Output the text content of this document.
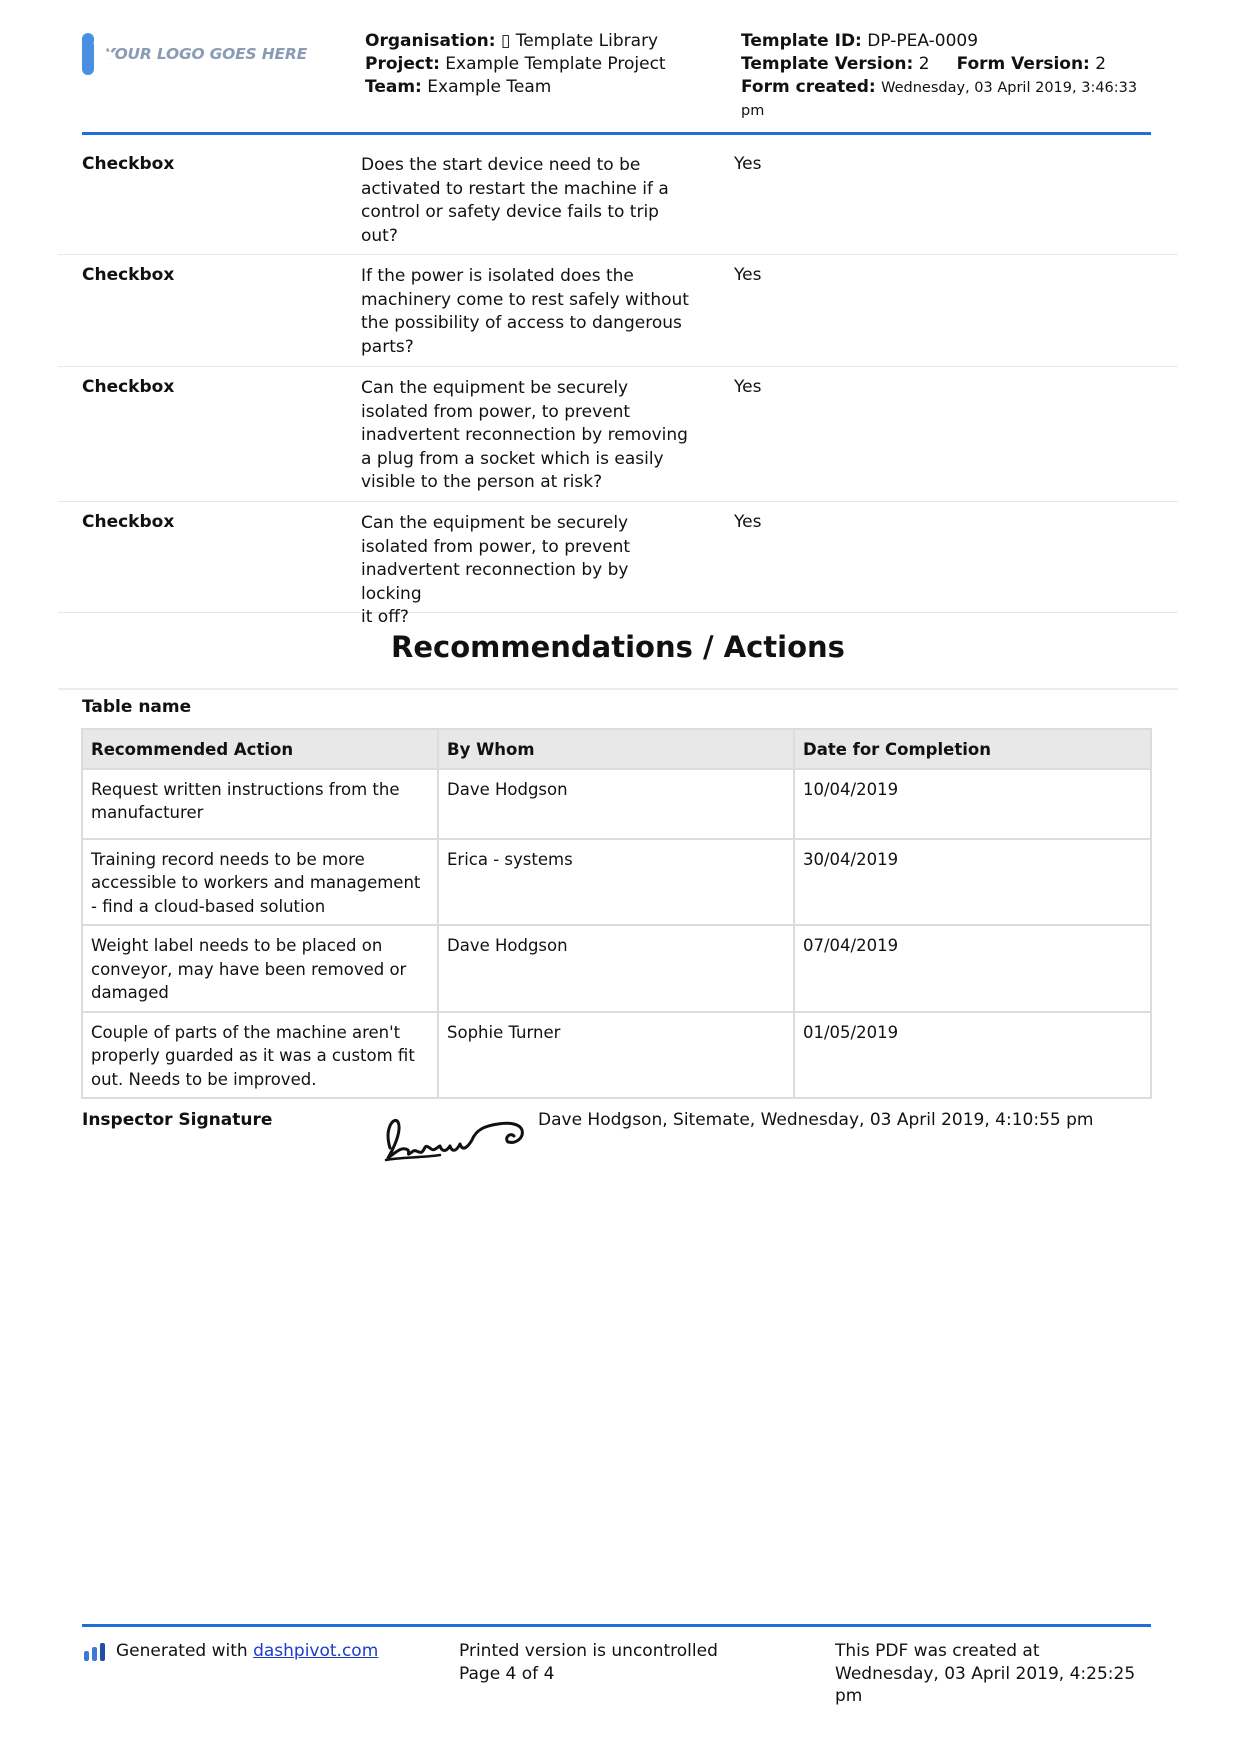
YOUR LOGO GOES HERE
Organisation: ▯ Template Library
Project: Example Template Project
Team: Example Team
Template ID: DP-PEA-0009
Template Version: 2 Form Version: 2
Form created: Wednesday, 03 April 2019, 3:46:33
pm
Checkbox	Does the start device need to be
activated to restart the machine if a
control or safety device fails to trip
out?
Yes
Checkbox	If the power is isolated does the
machinery come to rest safely without
the possibility of access to dangerous
parts?
Yes
Checkbox	Can the equipment be securely
isolated from power, to prevent
inadvertent reconnection by removing
a plug from a socket which is easily
visible to the person at risk?
Yes
Checkbox	Can the equipment be securely
isolated from power, to prevent
inadvertent reconnection by by locking
it off?
Yes
Recommendations / Actions
Table name
Recommended Action	By Whom	Date for Completion

Request written instructions from the
manufacturer	Dave Hodgson	10/04/2019

Training record needs to be more
accessible to workers and management
- find a cloud-based solution	Erica - systems	30/04/2019

Weight label needs to be placed on
conveyor, may have been removed or
damaged	Dave Hodgson	07/04/2019

Couple of parts of the machine aren't
properly guarded as it was a custom fit
out. Needs to be improved.	Sophie Turner	01/05/2019
Inspector Signature	Dave Hodgson, Sitemate, Wednesday, 03 April 2019, 4:10:55 pm
Generated with dashpivot.com	Printed version is uncontrolled
Page 4 of 4
This PDF was created at
Wednesday, 03 April 2019, 4:25:25
pm
